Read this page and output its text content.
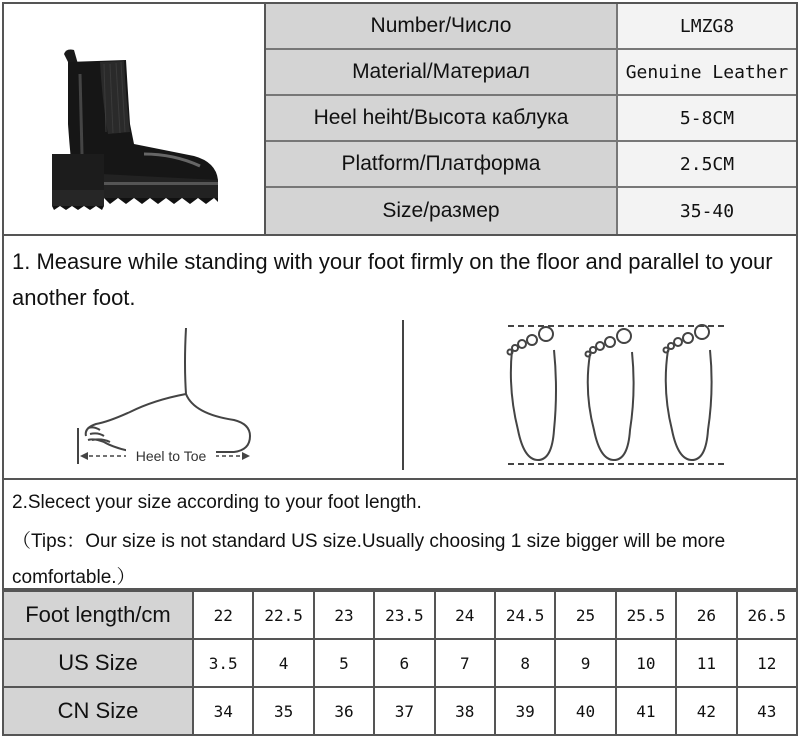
Number/Число	LMZG8
Material/Материал	Genuine Leather
Heel heiht/Высота каблука	5-8CM
Platform/Платформа	2.5CM
Size/размер	35-40
1. Measure while standing with your foot firmly on the floor and parallel to your another foot.
Heel to Toe
2.Slecect your size according to your foot length.
（Tips：Our size is not standard US size.Usually choosing 1 size bigger will be more comfortable.）
Foot length/cm	22	22.5	23	23.5	24	24.5	25	25.5	26	26.5
US Size	3.5	4	5	6	7	8	9	10	11	12
CN Size	34	35	36	37	38	39	40	41	42	43
